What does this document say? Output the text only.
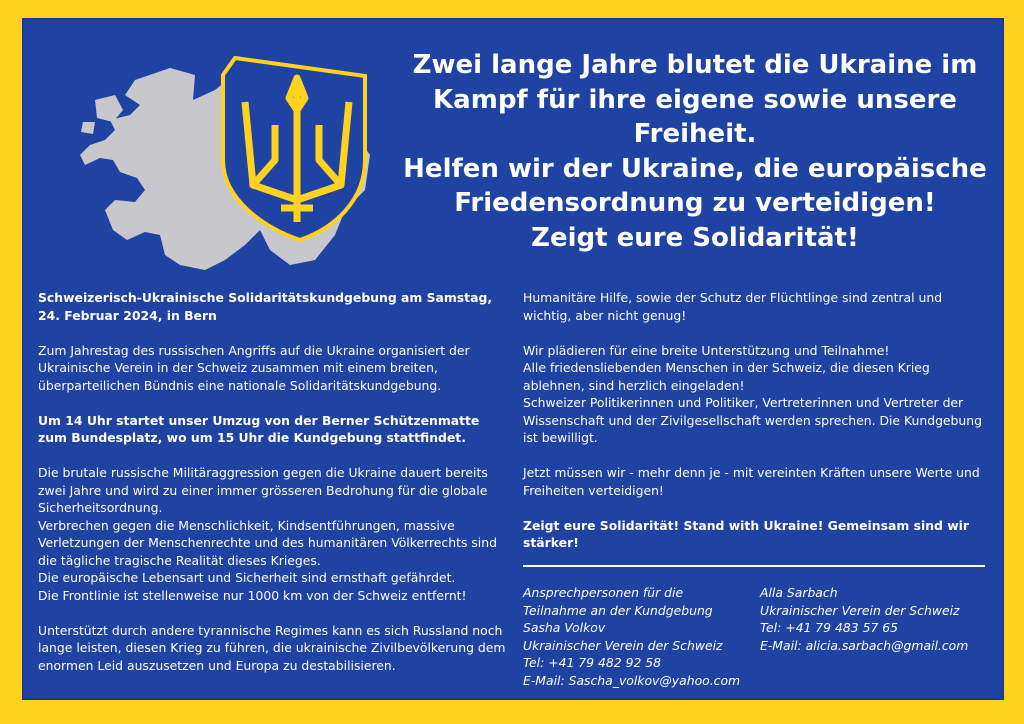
Zwei lange Jahre blutet die Ukraine im
Kampf für ihre eigene sowie unsere
Freiheit.
Helfen wir der Ukraine, die europäische
Friedensordnung zu verteidigen!
Zeigt eure Solidarität!

Schweizerisch-Ukrainische Solidaritätskundgebung am Samstag, 24. Februar 2024, in Bern

Zum Jahrestag des russischen Angriffs auf die Ukraine organisiert der Ukrainische Verein in der Schweiz zusammen mit einem breiten, überparteilichen Bündnis eine nationale Solidaritätskundgebung.

Um 14 Uhr startet unser Umzug von der Berner Schützenmatte zum Bundesplatz, wo um 15 Uhr die Kundgebung stattfindet.

Die brutale russische Militäraggression gegen die Ukraine dauert bereits zwei Jahre und wird zu einer immer grösseren Bedrohung für die globale Sicherheitsordnung.

Verbrechen gegen die Menschlichkeit, Kindsentführungen, massive Verletzungen der Menschenrechte und des humanitären Völkerrechts sind die tägliche tragische Realität dieses Krieges.

Die europäische Lebensart und Sicherheit sind ernsthaft gefährdet.

Die Frontlinie ist stellenweise nur 1000 km von der Schweiz entfernt!

Unterstützt durch andere tyrannische Regimes kann es sich Russland noch lange leisten, diesen Krieg zu führen, die ukrainische Zivilbevölkerung dem enormen Leid auszusetzen und Europa zu destabilisieren.

Humanitäre Hilfe, sowie der Schutz der Flüchtlinge sind zentral und wichtig, aber nicht genug!

Wir plädieren für eine breite Unterstützung und Teilnahme!

Alle friedensliebenden Menschen in der Schweiz, die diesen Krieg ablehnen, sind herzlich eingeladen!

Schweizer Politikerinnen und Politiker, Vertreterinnen und Vertreter der Wissenschaft und der Zivilgesellschaft werden sprechen. Die Kundgebung ist bewilligt.

Jetzt müssen wir - mehr denn je - mit vereinten Kräften unsere Werte und Freiheiten verteidigen!

Zeigt eure Solidarität! Stand with Ukraine! Gemeinsam sind wir stärker!

Ansprechpersonen für die
Teilnahme an der Kundgebung
Sasha Volkov
Ukrainischer Verein der Schweiz
Tel: +41 79 482 92 58
E-Mail: Sascha_volkov@yahoo.com
Alla Sarbach
Ukrainischer Verein der Schweiz
Tel: +41 79 483 57 65
E-Mail: alicia.sarbach@gmail.com
